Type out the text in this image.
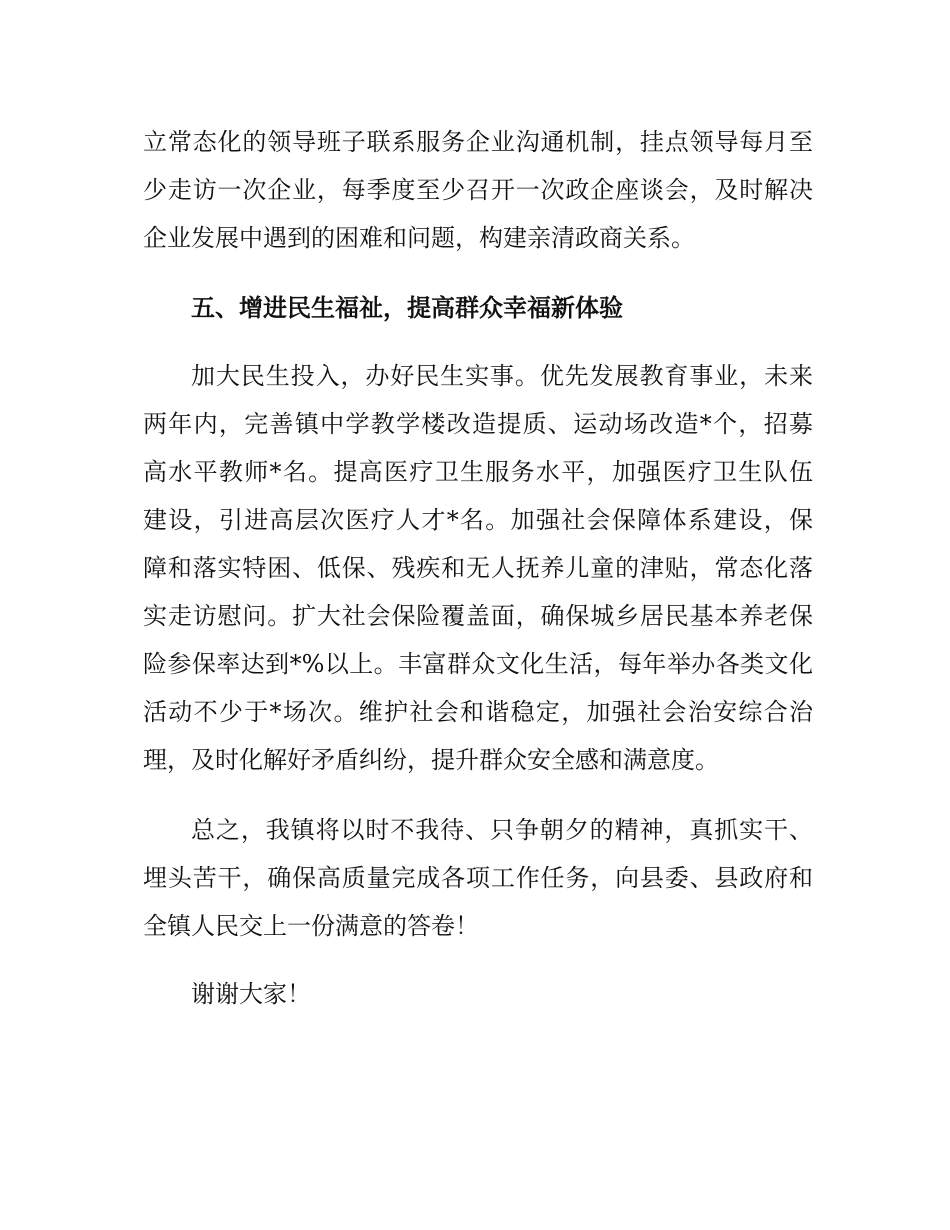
立常态化的领导班子联系服务企业沟通机制，挂点领导每月至
少走访一次企业，每季度至少召开一次政企座谈会，及时解决
企业发展中遇到的困难和问题，构建亲清政商关系。
五、增进民生福祉，提高群众幸福新体验
加大民生投入，办好民生实事。优先发展教育事业，未来
两年内，完善镇中学教学楼改造提质、运动场改造*个，招募
高水平教师*名。提高医疗卫生服务水平，加强医疗卫生队伍
建设，引进高层次医疗人才*名。加强社会保障体系建设，保
障和落实特困、低保、残疾和无人抚养儿童的津贴，常态化落
实走访慰问。扩大社会保险覆盖面，确保城乡居民基本养老保
险参保率达到*%以上。丰富群众文化生活，每年举办各类文化
活动不少于*场次。维护社会和谐稳定，加强社会治安综合治
理，及时化解好矛盾纠纷，提升群众安全感和满意度。
总之，我镇将以时不我待、只争朝夕的精神，真抓实干、
埋头苦干，确保高质量完成各项工作任务，向县委、县政府和
全镇人民交上一份满意的答卷！
谢谢大家！
